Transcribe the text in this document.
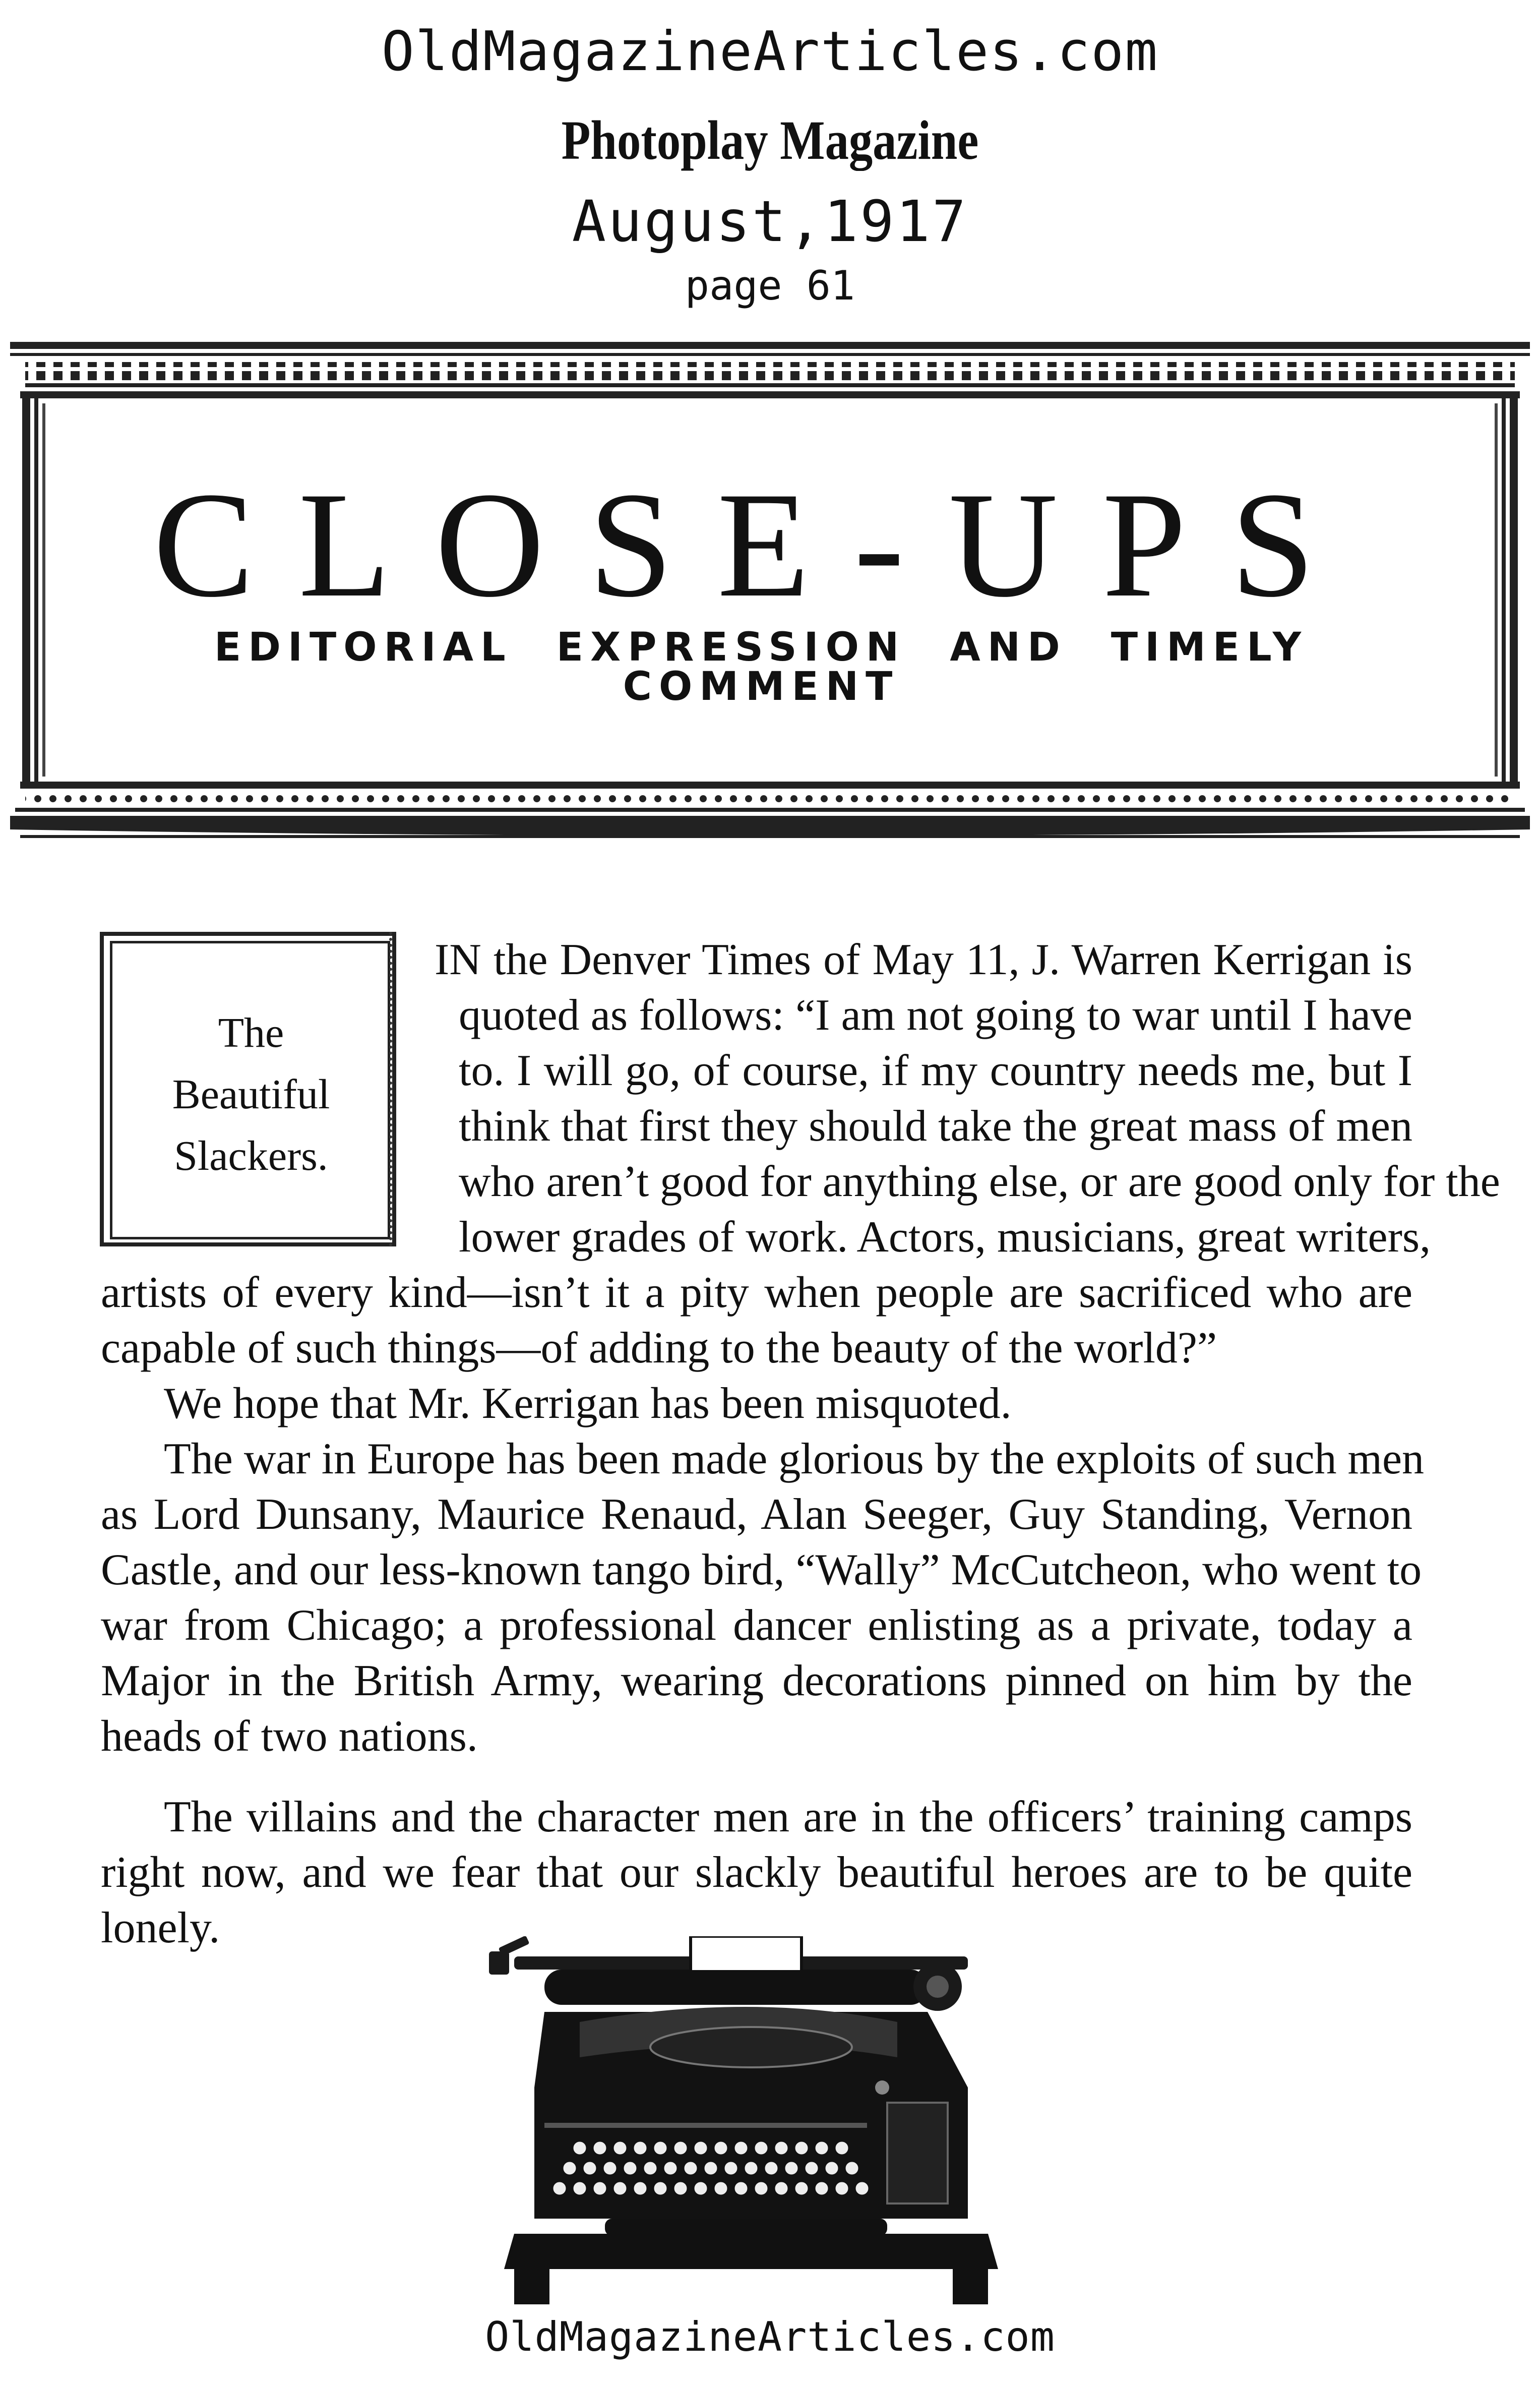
OldMagazineArticles.com
Photoplay Magazine
August,1917
page 61
CLOSE-UPS
EDITORIAL EXPRESSION AND TIMELY COMMENT
The
Beautiful
Slackers.
IN the Denver Times of May 11, J. Warren Kerrigan is
quoted as follows: “I am not going to war until I have
to. I will go, of course, if my country needs me, but I
think that first they should take the great mass of men
who aren’t good for anything else, or are good only for the
lower grades of work. Actors, musicians, great writers,
artists of every kind—isn’t it a pity when people are sacrificed who are
capable of such things—of adding to the beauty of the world?”
We hope that Mr. Kerrigan has been misquoted.
The war in Europe has been made glorious by the exploits of such men
as Lord Dunsany, Maurice Renaud, Alan Seeger, Guy Standing, Vernon
Castle, and our less-known tango bird, “Wally” McCutcheon, who went to
war from Chicago; a professional dancer enlisting as a private, today a
Major in the British Army, wearing decorations pinned on him by the
heads of two nations.
The villains and the character men are in the officers’ training camps
right now, and we fear that our slackly beautiful heroes are to be quite
lonely.
OldMagazineArticles.com
